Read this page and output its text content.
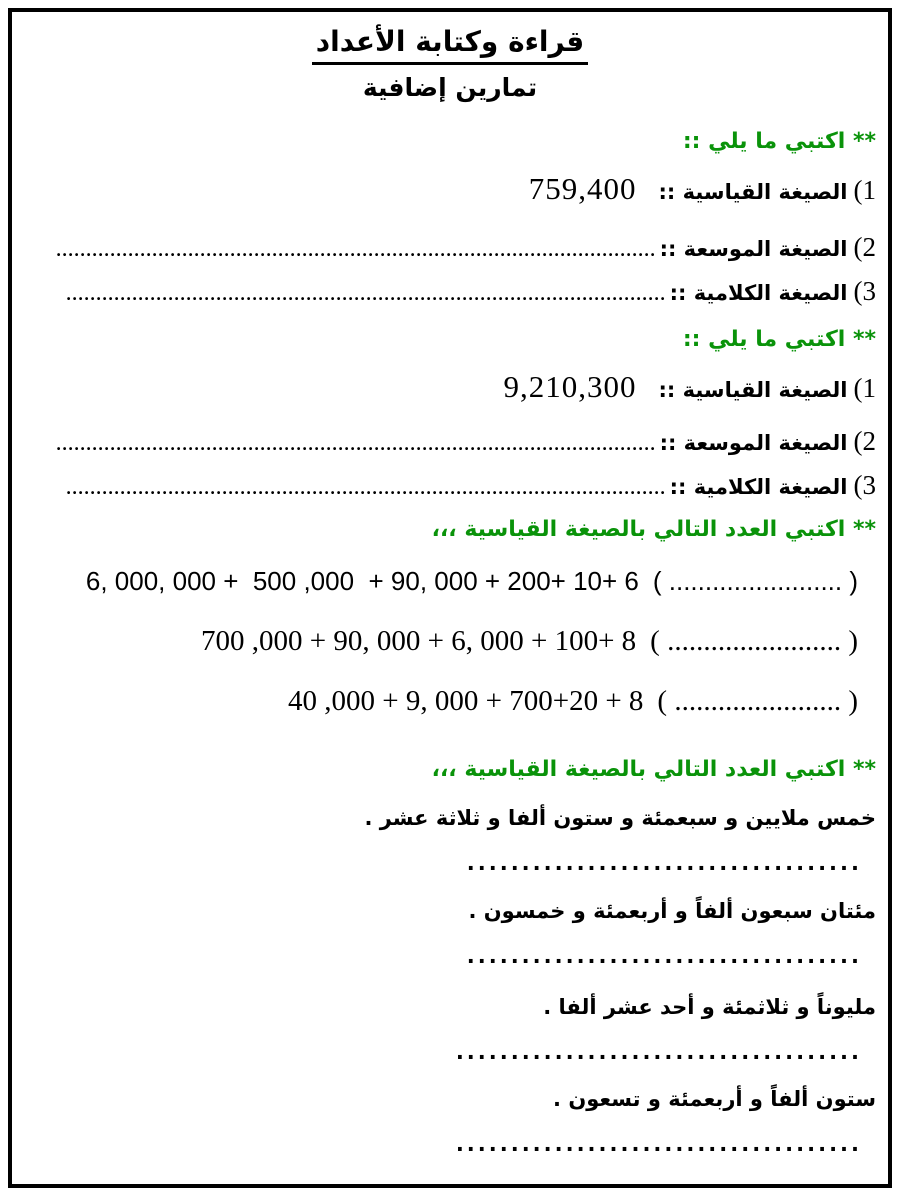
قراءة وكتابة الأعداد
تمارين إضافية
** اكتبي ما يلي ::
1)
الصيغة القياسية ::
759,400
2)
الصيغة الموسعة ::
....................................................................................................
3)
الصيغة الكلامية ::
....................................................................................................
** اكتبي ما يلي ::
1)
الصيغة القياسية ::
9,210,300
2)
الصيغة الموسعة ::
....................................................................................................
3)
الصيغة الكلامية ::
....................................................................................................
** اكتبي العدد التالي بالصيغة القياسية ،،،
6, 000, 000 +  500 ,000  + 90, 000 + 200+ 10+ 6 ( ........................ )
700 ,000 + 90, 000 + 6, 000 + 100+ 8 ( ........................ )
40 ,000 + 9, 000 + 700+20 + 8 ( ....................... )
** اكتبي العدد التالي بالصيغة القياسية ،،،
خمس ملايين و سبعمئة و ستون ألفا و ثلاثة عشر .
....................................
مئتان سبعون ألفاً و أربعمئة و خمسون .
....................................
مليوناً و ثلاثمئة و أحد عشر ألفا .
.....................................
ستون ألفاً و أربعمئة و تسعون .
.....................................
